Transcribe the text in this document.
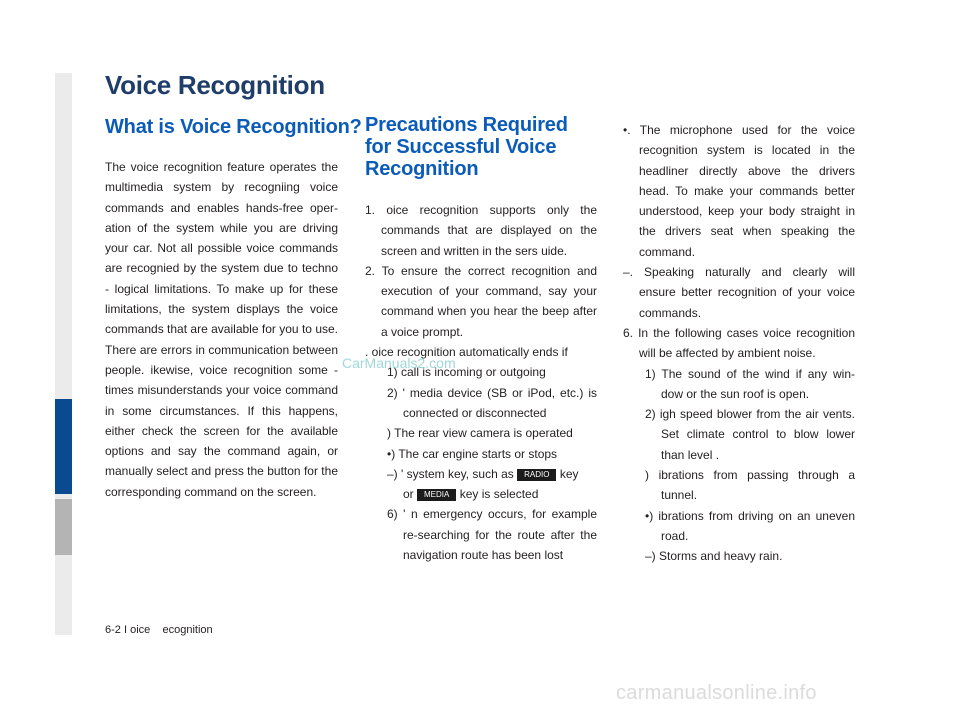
Voice Recognition
What is Voice Recognition?

The voice recognition feature operates the multimedia system by recogniing voice commands and enables hands-free oper- ation of the system while you are driving your car. Not all possible voice commands are recognied by the system due to techno - logical limitations. To make up for these limitations, the system displays the voice commands that are available for you to use. There are errors in communication between people. ikewise, voice recognition some - times misunderstands your voice command in some circumstances. If this happens, either check the screen for the available options and say the command again, or manually select and press the button for the corresponding command on the screen.

Precautions Required
for Successful Voice
Recognition
1. oice recognition supports only the commands that are displayed on the screen and written in the sers uide.
2. To ensure the correct recognition and execution of your command, say your command when you hear the beep after a voice prompt.
. oice recognition automatically ends if
1) call is incoming or outgoing
2) ' media device (SB or iPod, etc.) is connected or disconnected
) The rear view camera is operated
•) The car engine starts or stops
–) ' system key, such as RADIO key
or MEDIA key is selected
6) ' n emergency occurs, for example re-searching for the route after the navigation route has been lost
•. The microphone used for the voice recognition system is located in the headliner directly above the drivers head. To make your commands better understood, keep your body straight in the drivers seat when speaking the command.
–. Speaking naturally and clearly will ensure better recognition of your voice commands.
6. In the following cases voice recognition will be affected by ambient noise.
1) The sound of the wind if any win- dow or the sun roof is open.
2) igh speed blower from the air vents. Set climate control to blow lower than level .
) ibrations from passing through a tunnel.
•) ibrations from driving on an uneven road.
–) Storms and heavy rain.

CarManuals2.com

6-2 I oice    ecognition

carmanualsonline.info
